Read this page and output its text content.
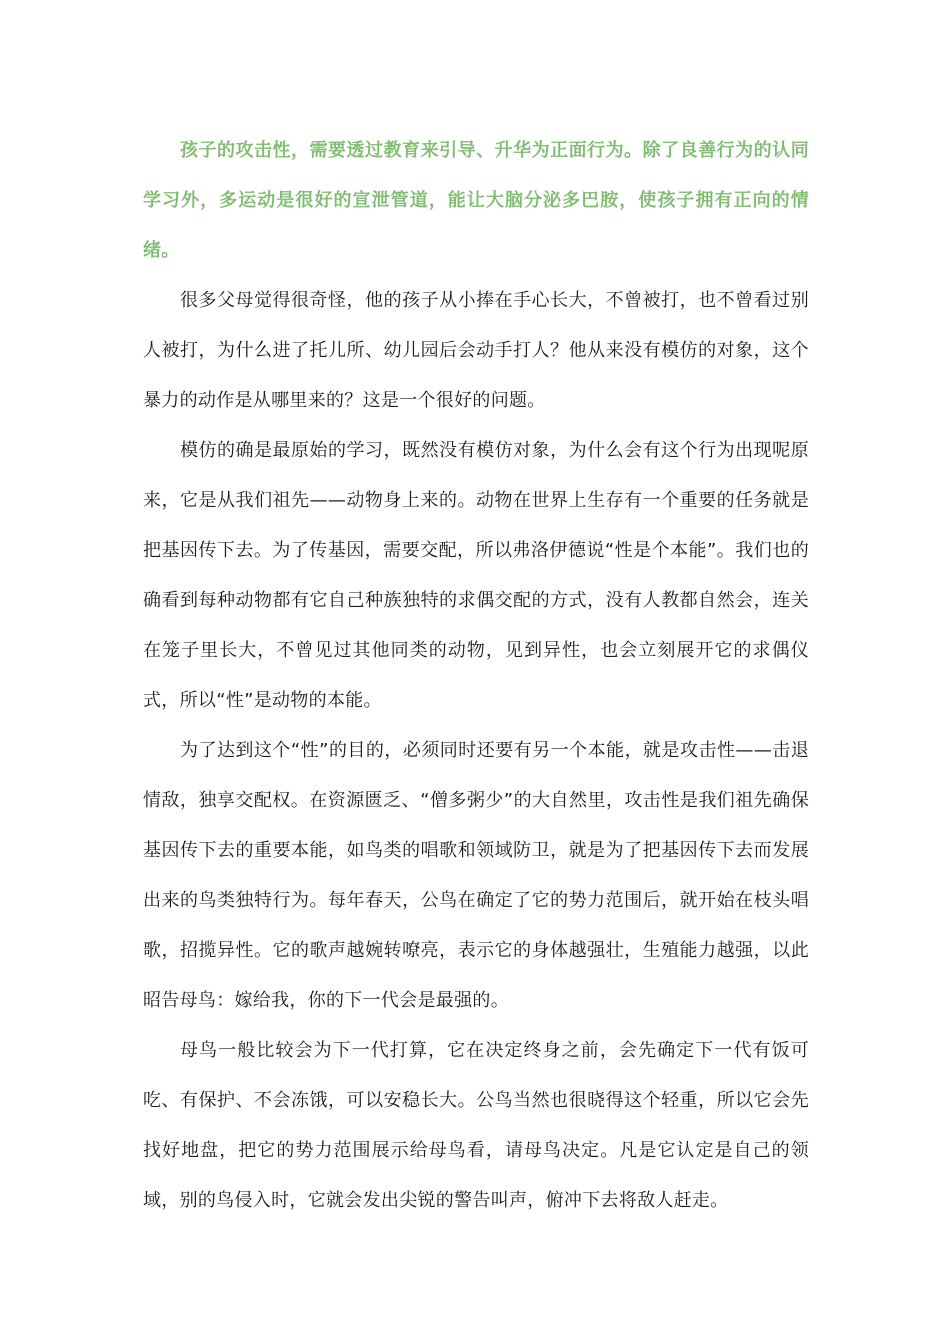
孩子的攻击性，需要透过教育来引导、升华为正面行为。除了良善行为的认同学习外，多运动是很好的宣泄管道，能让大脑分泌多巴胺，使孩子拥有正向的情绪。

很多父母觉得很奇怪，他的孩子从小捧在手心长大，不曾被打，也不曾看过别人被打，为什么进了托儿所、幼儿园后会动手打人？他从来没有模仿的对象，这个暴力的动作是从哪里来的？这是一个很好的问题。

模仿的确是最原始的学习，既然没有模仿对象，为什么会有这个行为出现呢原来，它是从我们祖先——动物身上来的。动物在世界上生存有一个重要的任务就是把基因传下去。为了传基因，需要交配，所以弗洛伊德说“性是个本能”。我们也的确看到每种动物都有它自己种族独特的求偶交配的方式，没有人教都自然会，连关在笼子里长大，不曾见过其他同类的动物，见到异性，也会立刻展开它的求偶仪式，所以“性”是动物的本能。

为了达到这个“性”的目的，必须同时还要有另一个本能，就是攻击性——击退情敌，独享交配权。在资源匮乏、“僧多粥少”的大自然里，攻击性是我们祖先确保基因传下去的重要本能，如鸟类的唱歌和领域防卫，就是为了把基因传下去而发展出来的鸟类独特行为。每年春天，公鸟在确定了它的势力范围后，就开始在枝头唱歌，招揽异性。它的歌声越婉转嘹亮，表示它的身体越强壮，生殖能力越强，以此昭告母鸟：嫁给我，你的下一代会是最强的。

母鸟一般比较会为下一代打算，它在决定终身之前，会先确定下一代有饭可吃、有保护、不会冻饿，可以安稳长大。公鸟当然也很晓得这个轻重，所以它会先找好地盘，把它的势力范围展示给母鸟看，请母鸟决定。凡是它认定是自己的领域，别的鸟侵入时，它就会发出尖锐的警告叫声，俯冲下去将敌人赶走。
